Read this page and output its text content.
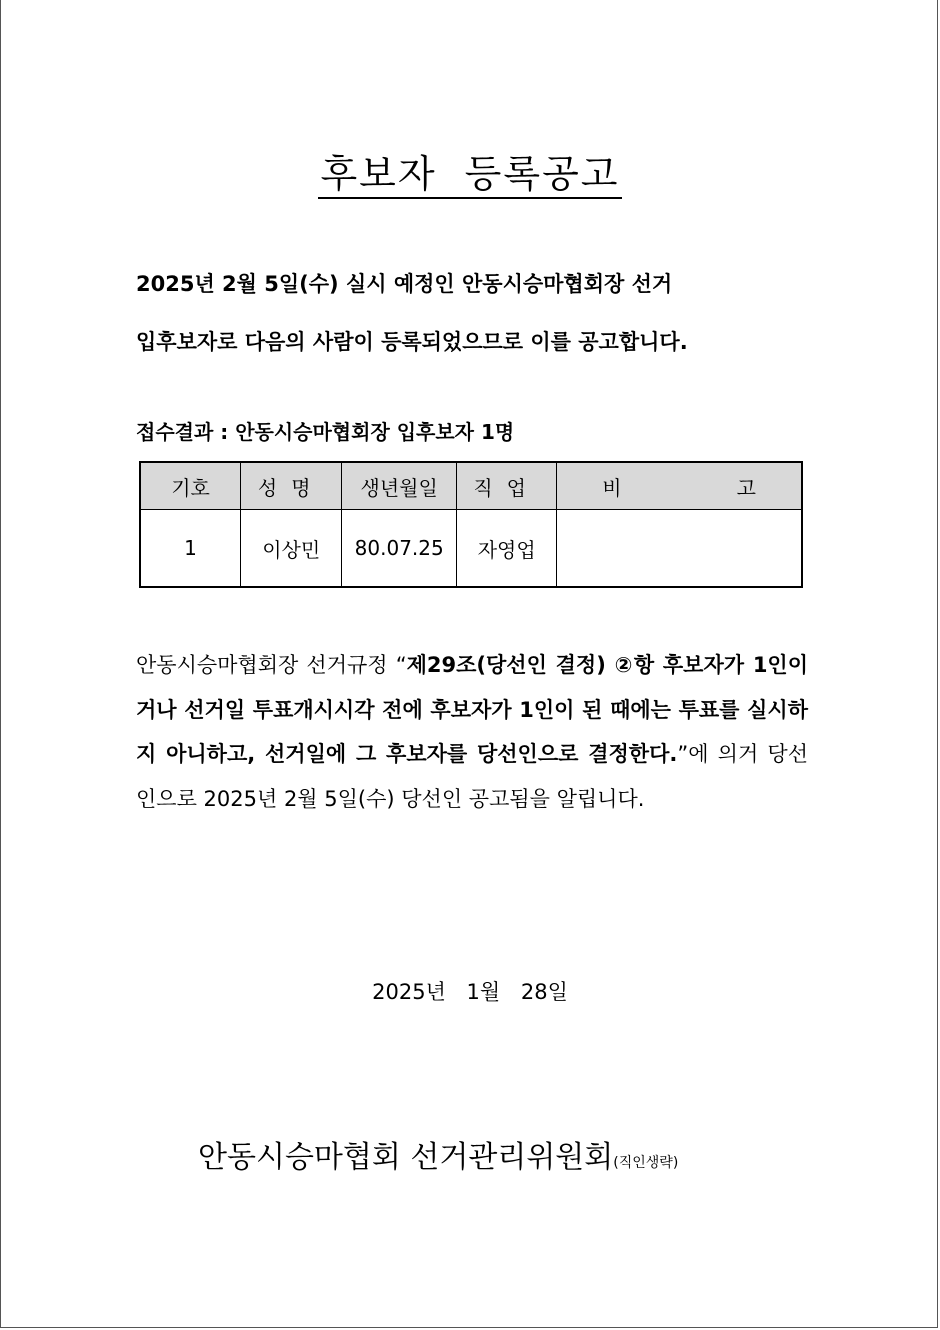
후보자 등록공고
2025년 2월 5일(수) 실시 예정인 안동시승마협회장 선거
입후보자로 다음의 사람이 등록되었으므로 이를 공고합니다.
접수결과 : 안동시승마협회장 입후보자 1명
기호	성명	생년월일	직업	비 고

1	이상민	80.07.25	자영업	
안동시승마협회장 선거규정 “제29조(당선인 결정) ②항 후보자가 1인이거나 선거일 투표개시시각 전에 후보자가 1인이 된 때에는 투표를 실시하지 아니하고, 선거일에 그 후보자를 당선인으로 결정한다.”에 의거 당선인으로 2025년 2월 5일(수) 당선인 공고됨을 알립니다.
2025년 1월 28일
안동시승마협회 선거관리위원회(직인생략)
